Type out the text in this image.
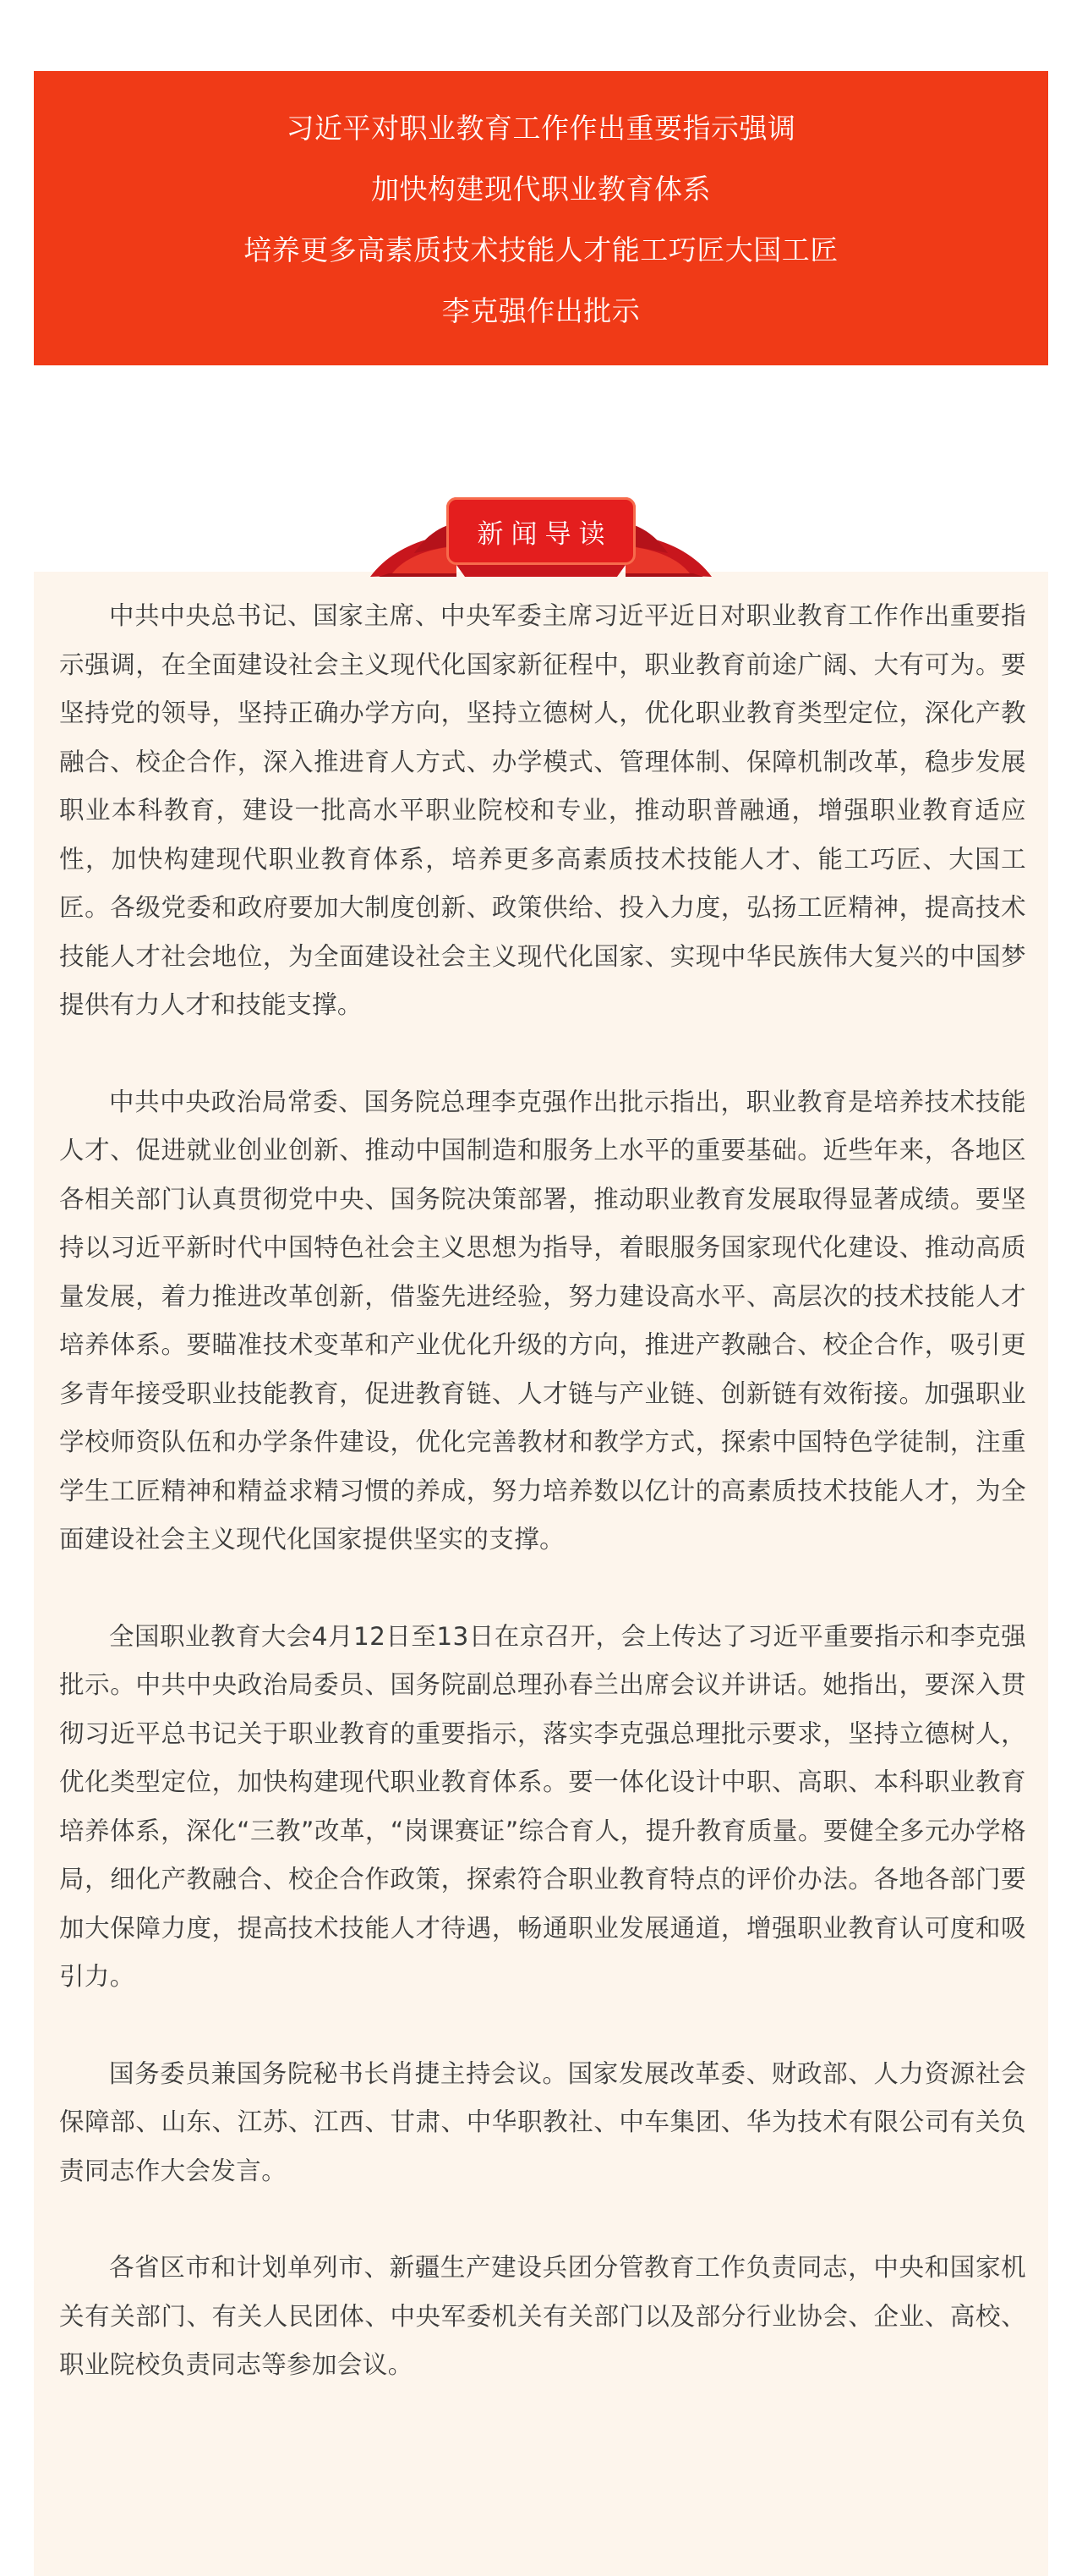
习近平对职业教育工作作出重要指示强调
加快构建现代职业教育体系
培养更多高素质技术技能人才能工巧匠大国工匠
李克强作出批示
新闻导读

中共中央总书记、国家主席、中央军委主席习近平近日对职业教育工作作出重要指示强调，在全面建设社会主义现代化国家新征程中，职业教育前途广阔、大有可为。要坚持党的领导，坚持正确办学方向，坚持立德树人，优化职业教育类型定位，深化产教融合、校企合作，深入推进育人方式、办学模式、管理体制、保障机制改革，稳步发展职业本科教育，建设一批高水平职业院校和专业，推动职普融通，增强职业教育适应性，加快构建现代职业教育体系，培养更多高素质技术技能人才、能工巧匠、大国工匠。各级党委和政府要加大制度创新、政策供给、投入力度，弘扬工匠精神，提高技术技能人才社会地位，为全面建设社会主义现代化国家、实现中华民族伟大复兴的中国梦提供有力人才和技能支撑。

中共中央政治局常委、国务院总理李克强作出批示指出，职业教育是培养技术技能人才、促进就业创业创新、推动中国制造和服务上水平的重要基础。近些年来，各地区各相关部门认真贯彻党中央、国务院决策部署，推动职业教育发展取得显著成绩。要坚持以习近平新时代中国特色社会主义思想为指导，着眼服务国家现代化建设、推动高质量发展，着力推进改革创新，借鉴先进经验，努力建设高水平、高层次的技术技能人才培养体系。要瞄准技术变革和产业优化升级的方向，推进产教融合、校企合作，吸引更多青年接受职业技能教育，促进教育链、人才链与产业链、创新链有效衔接。加强职业学校师资队伍和办学条件建设，优化完善教材和教学方式，探索中国特色学徒制，注重学生工匠精神和精益求精习惯的养成，努力培养数以亿计的高素质技术技能人才，为全面建设社会主义现代化国家提供坚实的支撑。

全国职业教育大会4月12日至13日在京召开，会上传达了习近平重要指示和李克强批示。中共中央政治局委员、国务院副总理孙春兰出席会议并讲话。她指出，要深入贯彻习近平总书记关于职业教育的重要指示，落实李克强总理批示要求，坚持立德树人，优化类型定位，加快构建现代职业教育体系。要一体化设计中职、高职、本科职业教育培养体系，深化“三教”改革，“岗课赛证”综合育人，提升教育质量。要健全多元办学格局，细化产教融合、校企合作政策，探索符合职业教育特点的评价办法。各地各部门要加大保障力度，提高技术技能人才待遇，畅通职业发展通道，增强职业教育认可度和吸引力。

国务委员兼国务院秘书长肖捷主持会议。国家发展改革委、财政部、人力资源社会保障部、山东、江苏、江西、甘肃、中华职教社、中车集团、华为技术有限公司有关负责同志作大会发言。

各省区市和计划单列市、新疆生产建设兵团分管教育工作负责同志，中央和国家机关有关部门、有关人民团体、中央军委机关有关部门以及部分行业协会、企业、高校、职业院校负责同志等参加会议。
